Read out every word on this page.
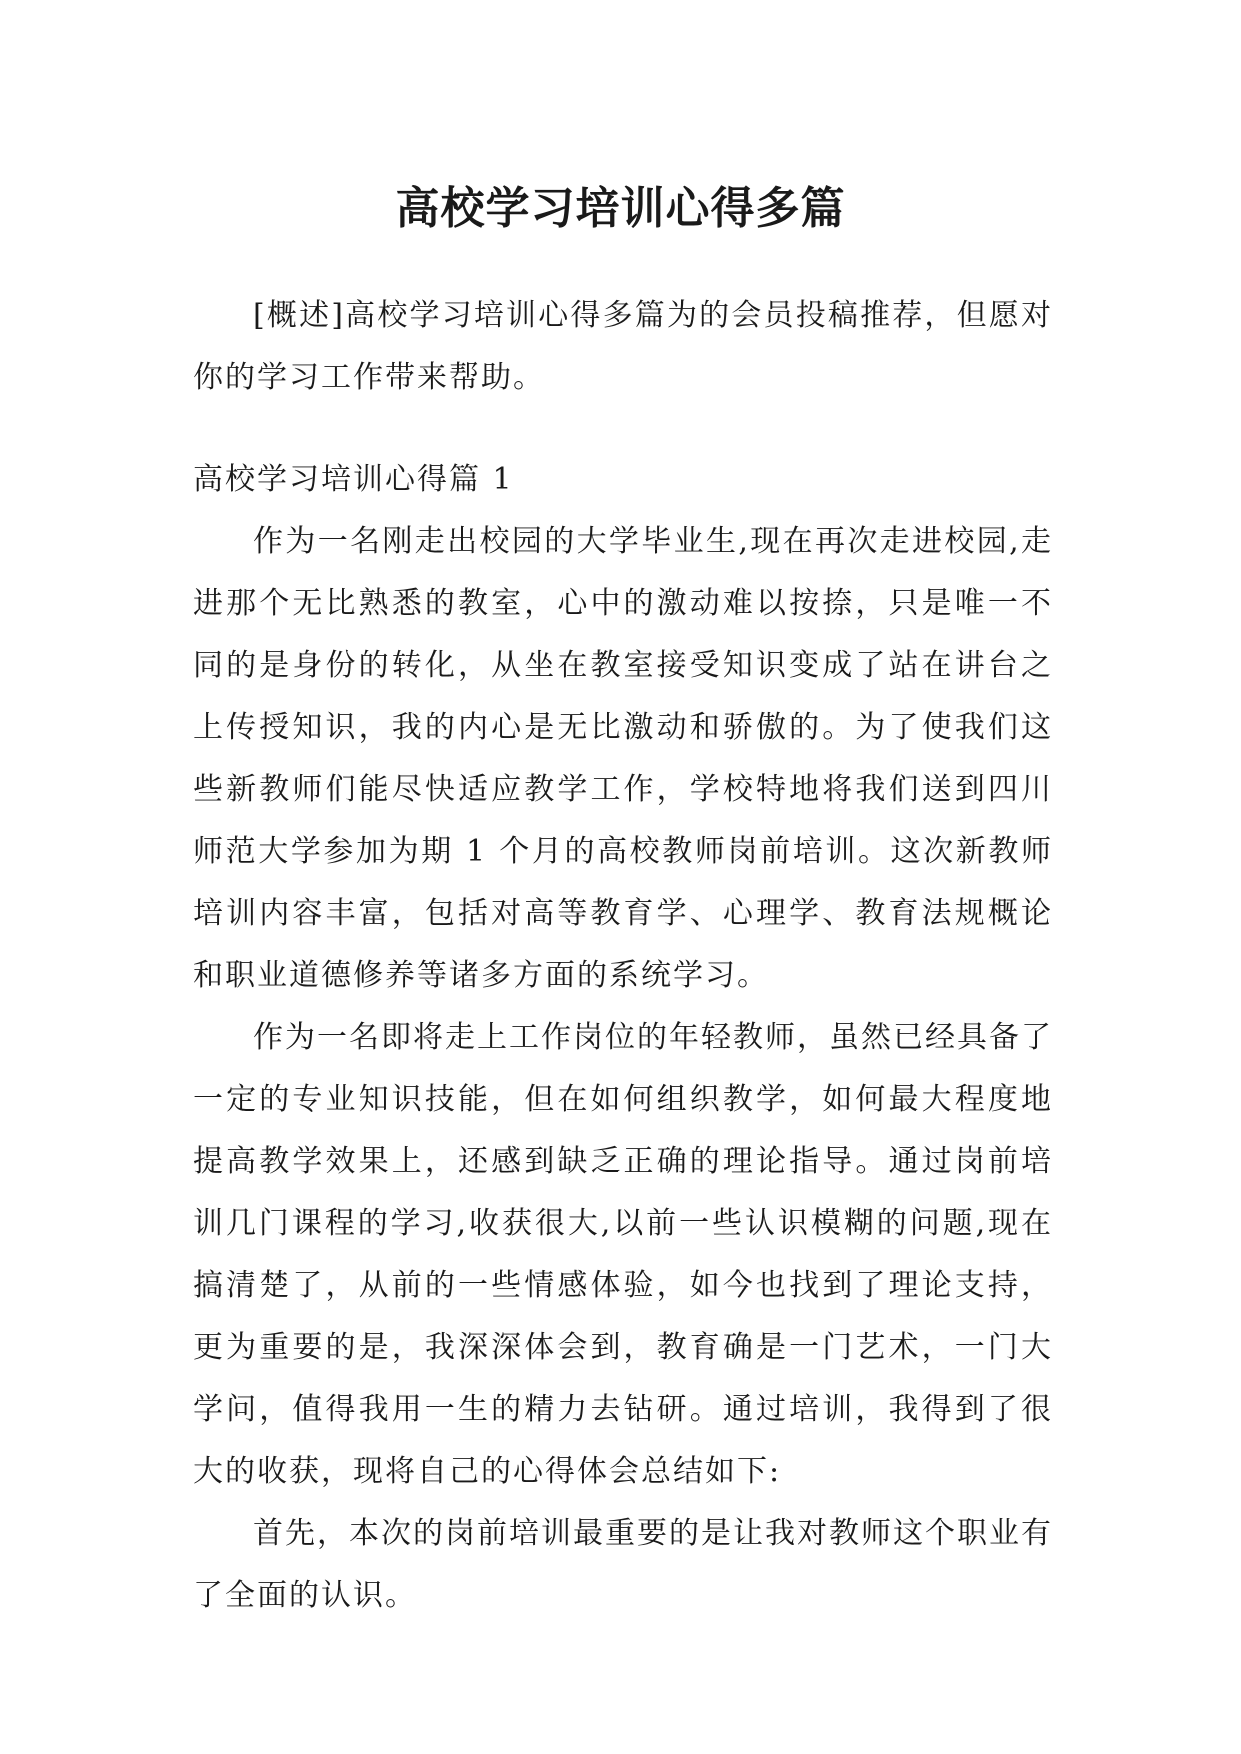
高校学习培训心得多篇

[概述]高校学习培训心得多篇为的会员投稿推荐，但愿对你的学习工作带来帮助。

高校学习培训心得篇 1

作为一名刚走出校园的大学毕业生,现在再次走进校园,走进那个无比熟悉的教室，心中的激动难以按捺，只是唯一不同的是身份的转化，从坐在教室接受知识变成了站在讲台之上传授知识，我的内心是无比激动和骄傲的。为了使我们这些新教师们能尽快适应教学工作，学校特地将我们送到四川师范大学参加为期 1 个月的高校教师岗前培训。这次新教师培训内容丰富，包括对高等教育学、心理学、教育法规概论和职业道德修养等诸多方面的系统学习。

作为一名即将走上工作岗位的年轻教师，虽然已经具备了一定的专业知识技能，但在如何组织教学，如何最大程度地提高教学效果上，还感到缺乏正确的理论指导。通过岗前培训几门课程的学习,收获很大,以前一些认识模糊的问题,现在搞清楚了，从前的一些情感体验，如今也找到了理论支持，更为重要的是，我深深体会到，教育确是一门艺术，一门大学问，值得我用一生的精力去钻研。通过培训，我得到了很大的收获，现将自己的心得体会总结如下:

首先，本次的岗前培训最重要的是让我对教师这个职业有了全面的认识。
